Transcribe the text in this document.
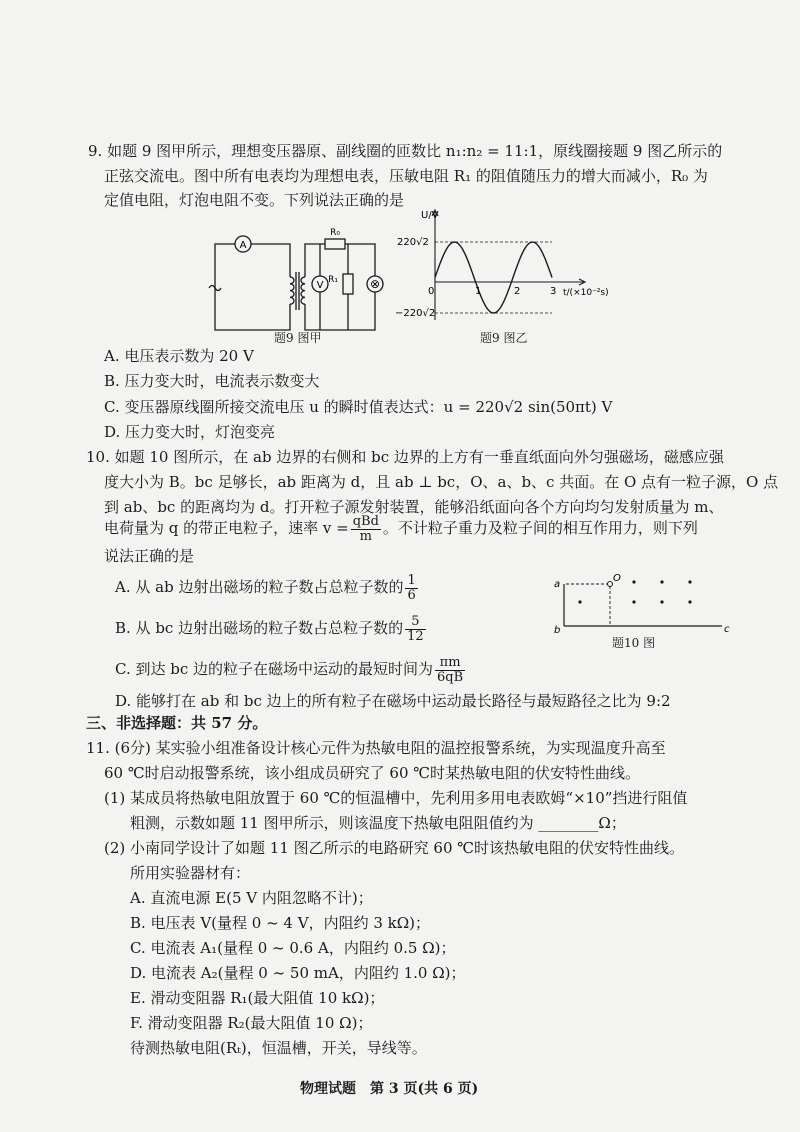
9. 如题 9 图甲所示，理想变压器原、副线圈的匝数比 n₁:n₂ = 11:1，原线圈接题 9 图乙所示的
正弦交流电。图中所有电表均为理想电表，压敏电阻 R₁ 的阻值随压力的增大而减小，R₀ 为
定值电阻，灯泡电阻不变。下列说法正确的是
A
V
R₀
R₁	⊗
题9 图甲
U/V
t/(×10⁻²s)
220√2
−220√2
0	1	2	3
题9 图乙
A. 电压表示数为 20 V
B. 压力变大时，电流表示数变大
C. 变压器原线圈所接交流电压 u 的瞬时值表达式：u = 220√2 sin(50πt) V
D. 压力变大时，灯泡变亮
10. 如题 10 图所示，在 ab 边界的右侧和 bc 边界的上方有一垂直纸面向外匀强磁场，磁感应强
度大小为 B。bc 足够长，ab 距离为 d，且 ab ⊥ bc，O、a、b、c 共面。在 O 点有一粒子源，O 点
到 ab、bc 的距离均为 d。打开粒子源发射装置，能够沿纸面向各个方向均匀发射质量为 m、
电荷量为 q 的带正电粒子，速率 $v = \frac{\text{qBd}}{m}$ 。不计粒子重力及粒子间的相互作用力，则下列
说法正确的是
A. 从 ab 边射出磁场的粒子数占总粒子数的 $\frac{1}{6}$
B. 从 bc 边射出磁场的粒子数占总粒子数的 $\frac{5}{12}$
C. 到达 bc 边的粒子在磁场中运动的最短时间为 $\frac{\pi m}{6qB}$
D. 能够打在 ab 和 bc 边上的所有粒子在磁场中运动最长路径与最短路径之比为 9:2
a
O
b	c
题10 图
三、非选择题：共 57 分。
11. (6分) 某实验小组准备设计核心元件为热敏电阻的温控报警系统，为实现温度升高至
60 ℃时启动报警系统，该小组成员研究了 60 ℃时某热敏电阻的伏安特性曲线。
(1) 某成员将热敏电阻放置于 60 ℃的恒温槽中，先利用多用电表欧姆“×10”挡进行阻值
粗测，示数如题 11 图甲所示，则该温度下热敏电阻阻值约为 ________Ω；
(2) 小南同学设计了如题 11 图乙所示的电路研究 60 ℃时该热敏电阻的伏安特性曲线。
所用实验器材有：
A. 直流电源 E(5 V 内阻忽略不计)；
B. 电压表 V(量程 0 ~ 4 V，内阻约 3 kΩ)；
C. 电流表 A₁(量程 0 ~ 0.6 A，内阻约 0.5 Ω)；
D. 电流表 A₂(量程 0 ~ 50 mA，内阻约 1.0 Ω)；
E. 滑动变阻器 R₁(最大阻值 10 kΩ)；
F. 滑动变阻器 R₂(最大阻值 10 Ω)；
待测热敏电阻(Rₜ)，恒温槽，开关，导线等。
物理试题　第 3 页(共 6 页)
